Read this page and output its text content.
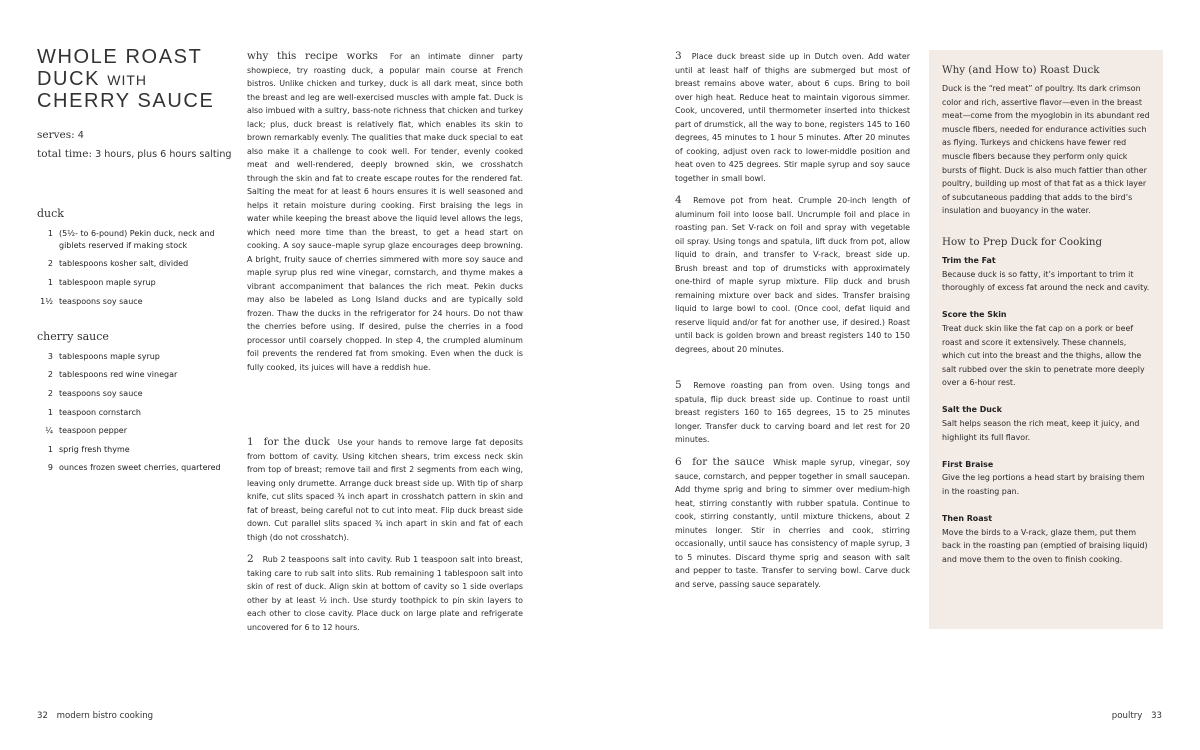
WHOLE ROAST
DUCK WITH
CHERRY SAUCE

serves: 4

total time: 3 hours, plus 6 hours salting

duck
1 (5½- to 6-pound) Pekin duck, neck and giblets reserved if making stock
2 tablespoons kosher salt, divided
1 tablespoon maple syrup
1½ teaspoons soy sauce
cherry sauce
3 tablespoons maple syrup
2 tablespoons red wine vinegar
2 teaspoons soy sauce
1 teaspoon cornstarch
¼ teaspoon pepper
1 sprig fresh thyme
9 ounces frozen sweet cherries, quartered
why this recipe works For an intimate dinner party showpiece, try roasting duck, a popular main course at French bistros. Unlike chicken and turkey, duck is all dark meat, since both the breast and leg are well-exercised muscles with ample fat. Duck is also imbued with a sultry, bass-note richness that chicken and turkey lack; plus, duck breast is relatively flat, which enables its skin to brown remarkably evenly. The qualities that make duck special to eat also make it a challenge to cook well. For tender, evenly cooked meat and well-rendered, deeply browned skin, we crosshatch through the skin and fat to create escape routes for the rendered fat. Salting the meat for at least 6 hours ensures it is well seasoned and helps it retain moisture during cooking. First braising the legs in water while keeping the breast above the liquid level allows the legs, which need more time than the breast, to get a head start on cooking. A soy sauce–maple syrup glaze encourages deep browning. A bright, fruity sauce of cherries simmered with more soy sauce and maple syrup plus red wine vinegar, cornstarch, and thyme makes a vibrant accompaniment that balances the rich meat. Pekin ducks may also be labeled as Long Island ducks and are typically sold frozen. Thaw the ducks in the refrigerator for 24 hours. Do not thaw the cherries before using. If desired, pulse the cherries in a food processor until coarsely chopped. In step 4, the crumpled aluminum foil prevents the rendered fat from smoking. Even when the duck is fully cooked, its juices will have a reddish hue.
1 for the duck Use your hands to remove large fat deposits from bottom of cavity. Using kitchen shears, trim excess neck skin from top of breast; remove tail and first 2 segments from each wing, leaving only drumette. Arrange duck breast side up. With tip of sharp knife, cut slits spaced ¾ inch apart in crosshatch pattern in skin and fat of breast, being careful not to cut into meat. Flip duck breast side down. Cut parallel slits spaced ¾ inch apart in skin and fat of each thigh (do not crosshatch).
2 Rub 2 teaspoons salt into cavity. Rub 1 teaspoon salt into breast, taking care to rub salt into slits. Rub remaining 1 tablespoon salt into skin of rest of duck. Align skin at bottom of cavity so 1 side overlaps other by at least ½ inch. Use sturdy toothpick to pin skin layers to each other to close cavity. Place duck on large plate and refrigerate uncovered for 6 to 12 hours.
3 Place duck breast side up in Dutch oven. Add water until at least half of thighs are submerged but most of breast remains above water, about 6 cups. Bring to boil over high heat. Reduce heat to maintain vigorous simmer. Cook, uncovered, until thermometer inserted into thickest part of drumstick, all the way to bone, registers 145 to 160 degrees, 45 minutes to 1 hour 5 minutes. After 20 minutes of cooking, adjust oven rack to lower-middle position and heat oven to 425 degrees. Stir maple syrup and soy sauce together in small bowl.
4 Remove pot from heat. Crumple 20-inch length of aluminum foil into loose ball. Uncrumple foil and place in roasting pan. Set V-rack on foil and spray with vegetable oil spray. Using tongs and spatula, lift duck from pot, allow liquid to drain, and transfer to V-rack, breast side up. Brush breast and top of drumsticks with approximately one-third of maple syrup mixture. Flip duck and brush remaining mixture over back and sides. Transfer braising liquid to large bowl to cool. (Once cool, defat liquid and reserve liquid and/or fat for another use, if desired.) Roast until back is golden brown and breast registers 140 to 150 degrees, about 20 minutes.
5 Remove roasting pan from oven. Using tongs and spatula, flip duck breast side up. Continue to roast until breast registers 160 to 165 degrees, 15 to 25 minutes longer. Transfer duck to carving board and let rest for 20 minutes.
6 for the sauce Whisk maple syrup, vinegar, soy sauce, cornstarch, and pepper together in small saucepan. Add thyme sprig and bring to simmer over medium-high heat, stirring constantly with rubber spatula. Continue to cook, stirring constantly, until mixture thickens, about 2 minutes longer. Stir in cherries and cook, stirring occasionally, until sauce has consistency of maple syrup, 3 to 5 minutes. Discard thyme sprig and season with salt and pepper to taste. Transfer to serving bowl. Carve duck and serve, passing sauce separately.
Why (and How to) Roast Duck
Duck is the “red meat” of poultry. Its dark crimson color and rich, assertive flavor—even in the breast meat—come from the myoglobin in its abundant red muscle fibers, needed for endurance activities such as flying. Turkeys and chickens have fewer red muscle fibers because they perform only quick bursts of flight. Duck is also much fattier than other poultry, building up most of that fat as a thick layer of subcutaneous padding that adds to the bird’s insulation and buoyancy in the water.
How to Prep Duck for Cooking
Trim the Fat
Because duck is so fatty, it’s important to trim it thoroughly of excess fat around the neck and cavity.
Score the Skin
Treat duck skin like the fat cap on a pork or beef roast and score it extensively. These channels, which cut into the breast and the thighs, allow the salt rubbed over the skin to penetrate more deeply over a 6-hour rest.
Salt the Duck
Salt helps season the rich meat, keep it juicy, and highlight its full flavor.
First Braise
Give the leg portions a head start by braising them in the roasting pan.
Then Roast
Move the birds to a V-rack, glaze them, put them back in the roasting pan (emptied of braising liquid) and move them to the oven to finish cooking.
32 modern bistro cooking	poultry 33
